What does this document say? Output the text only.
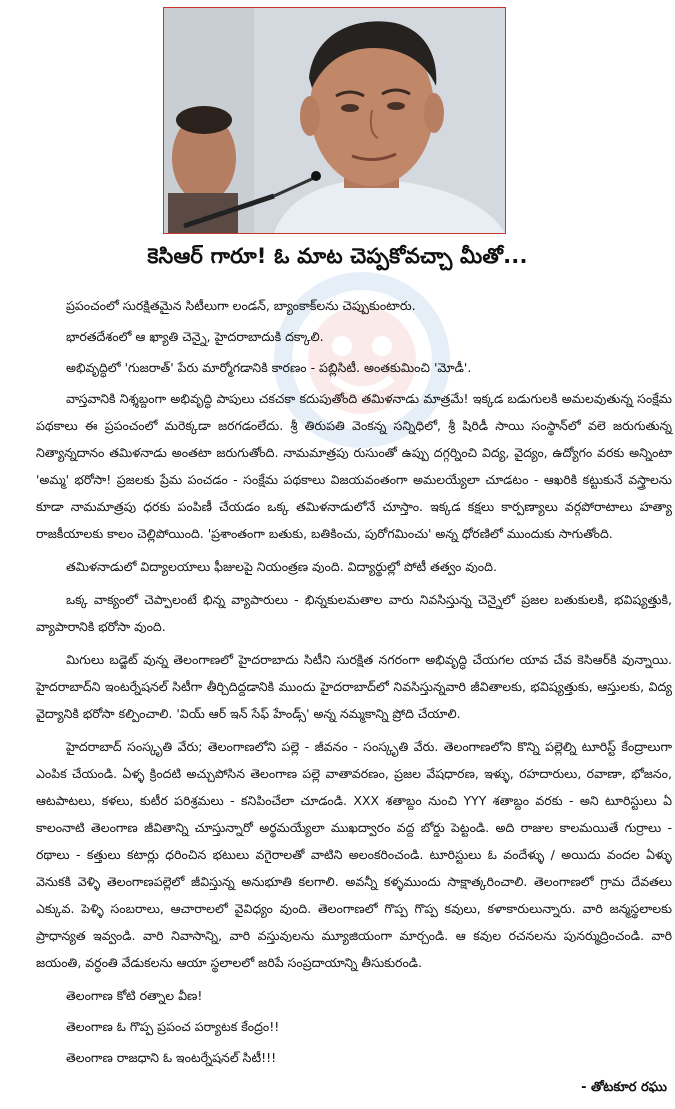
కెసిఆర్ గారూ! ఓ మాట చెప్పకోవచ్చా మీతో...

ప్రపంచంలో సురక్షితమైన సిటీలుగా లండన్, బ్యాంకాక్‌లను చెప్పుకుంటారు.

భారతదేశంలో ఆ ఖ్యాతి చెన్నై, హైదరాబాదుకి దక్కాలి.

అభివృద్ధిలో 'గుజరాత్' పేరు మార్మోగడానికి కారణం - పబ్లిసిటీ. అంతకుమించి 'మోడీ'.

వాస్తవానికి నిశ్శబ్దంగా అభివృద్ధి పాపులు చకచకా కదుపుతోంది తమిళనాడు మాత్రమే! ఇక్కడ బడుగులకి అమలవుతున్న సంక్షేమ పథకాలు ఈ ప్రపంచంలో మరెక్కడా జరగడంలేదు. శ్రీ తిరుపతి వెంకన్న సన్నిధిలో, శ్రీ షిరిడీ సాయి సంస్థాన్‌లో వలె జరుగుతున్న నిత్యాన్నదానం తమిళనాడు అంతటా జరుగుతోంది. నామమాత్రపు రుసుంతో ఉప్పు దగ్గర్నించి విద్య, వైద్యం, ఉద్యోగం వరకు అన్నింటా 'అమ్మ' భరోసా! ప్రజలకు ప్రేమ పంచడం - సంక్షేమ పథకాలు విజయవంతంగా అమలయ్యేలా చూడటం - ఆఖరికి కట్టుకునే వస్త్రాలను కూడా నామమాత్రపు ధరకు పంపిణీ చేయడం ఒక్క తమిళనాడులోనే చూస్తాం. ఇక్కడ కక్షలు కార్పణ్యాలు వర్గపోరాటాలు హత్యా రాజకీయాలకు కాలం చెల్లిపోయింది. 'ప్రశాంతంగా బతుకు, బతికించు, పురోగమించు' అన్న ధోరణిలో ముందుకు సాగుతోంది.

తమిళనాడులో విద్యాలయాలు ఫీజులపై నియంత్రణ వుంది. విద్యార్థుల్లో పోటీ తత్వం వుంది.

ఒక్క వాక్యంలో చెప్పాలంటే భిన్న వ్యాపారులు - భిన్నకులమతాల వారు నివసిస్తున్న చెన్నైలో ప్రజల బతుకులకి, భవిష్యత్తుకి, వ్యాపారానికి భరోసా వుంది.

మిగులు బడ్జెట్ వున్న తెలంగాణలో హైదరాబాదు సిటీని సురక్షిత నగరంగా అభివృద్ధి చేయగల యావ చేవ కెసిఆర్‌కి వున్నాయి. హైదరాబాద్‌ని ఇంటర్నేషనల్ సిటీగా తీర్చిదిద్దడానికి ముందు హైదరాబాద్‌లో నివసిస్తున్నవారి జీవితాలకు, భవిష్యత్తుకు, ఆస్తులకు, విద్య వైద్యానికి భరోసా కల్పించాలి. 'వియ్ ఆర్ ఇన్ సేఫ్ హేండ్స్' అన్న నమ్మకాన్ని ప్రోది చేయాలి.

హైదరాబాద్ సంస్కృతి వేరు; తెలంగాణలోని పల్లె - జీవనం - సంస్కృతి వేరు. తెలంగాణలోని కొన్ని పల్లెల్ని టూరిస్ట్ కేంద్రాలుగా ఎంపిక చేయండి. ఏళ్ళ క్రిందటి అచ్చుపోసిన తెలంగాణ పల్లె వాతావరణం, ప్రజల వేషధారణ, ఇళ్ళు, రహదారులు, రవాణా, భోజనం, ఆటపాటలు, కళలు, కుటీర పరిశ్రమలు - కనిపించేలా చూడండి. XXX శతాబ్దం నుంచి YYY శతాబ్దం వరకు - అని టూరిస్టులు ఏ కాలంనాటి తెలంగాణ జీవితాన్ని చూస్తున్నారో అర్థమయ్యేలా ముఖద్వారం వద్ద బోర్డు పెట్టండి. అది రాజుల కాలమయితే గుర్రాలు - రథాలు - కత్తులు కటార్లు ధరించిన భటులు వగైరాలతో వాటిని అలంకరించండి. టూరిస్టులు ఓ వందేళ్ళు / అయిదు వందల ఏళ్ళు వెనుకకి వెళ్ళి తెలంగాణపల్లెలో జీవిస్తున్న అనుభూతి కలగాలి. అవన్నీ కళ్ళముందు సాక్షాత్కరించాలి. తెలంగాణలో గ్రామ దేవతలు ఎక్కువ. పెళ్ళి సంబరాలు, ఆచారాలలో వైవిధ్యం వుంది. తెలంగాణలో గొప్ప గొప్ప కవులు, కళాకారులున్నారు. వారి జన్మస్థలాలకు ప్రాధాన్యత ఇవ్వండి. వారి నివాసాన్ని, వారి వస్తువులను మ్యూజియంగా మార్చండి. ఆ కవుల రచనలను పునర్ముద్రించండి. వారి జయంతి, వర్ధంతి వేడుకలను ఆయా స్థలాలలో జరిపే సంప్రదాయాన్ని తీసుకురండి.

తెలంగాణ కోటి రత్నాల వీణ!

తెలంగాణ ఓ గొప్ప ప్రపంచ పర్యాటక కేంద్రం!!

తెలంగాణ రాజధాని ఓ ఇంటర్నేషనల్ సిటీ!!!

- తోటకూర రఘు
